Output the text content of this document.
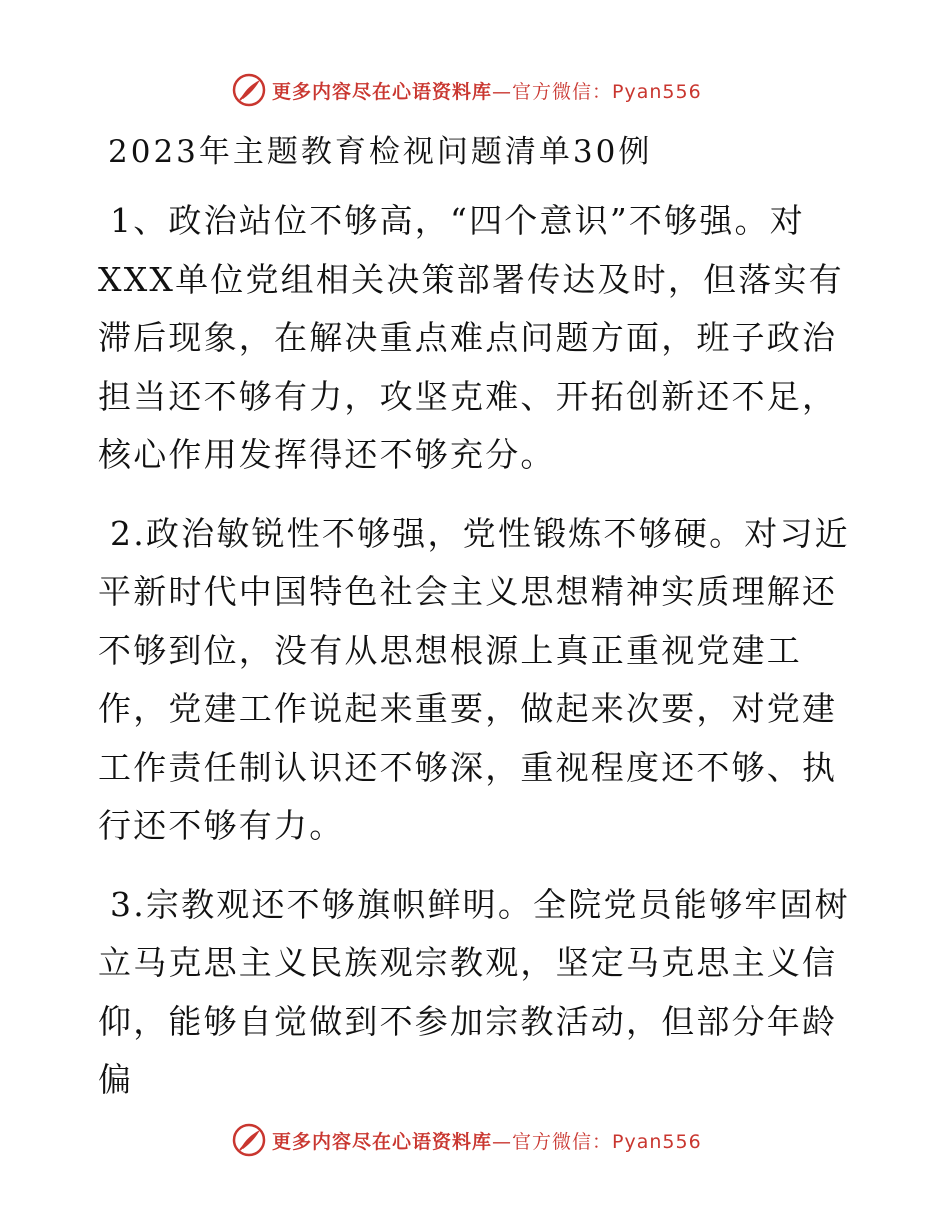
更多内容尽在心语资料库—官方微信：Pyan556
2023年主题教育检视问题清单30例

1、政治站位不够高，“四个意识”不够强。对XXX单位党组相关决策部署传达及时，但落实有滞后现象，在解决重点难点问题方面，班子政治担当还不够有力，攻坚克难、开拓创新还不足，核心作用发挥得还不够充分。

2.政治敏锐性不够强，党性锻炼不够硬。对习近平新时代中国特色社会主义思想精神实质理解还不够到位，没有从思想根源上真正重视党建工作，党建工作说起来重要，做起来次要，对党建工作责任制认识还不够深，重视程度还不够、执行还不够有力。

3.宗教观还不够旗帜鲜明。全院党员能够牢固树立马克思主义民族观宗教观，坚定马克思主义信仰，能够自觉做到不参加宗教活动，但部分年龄偏

更多内容尽在心语资料库—官方微信：Pyan556
